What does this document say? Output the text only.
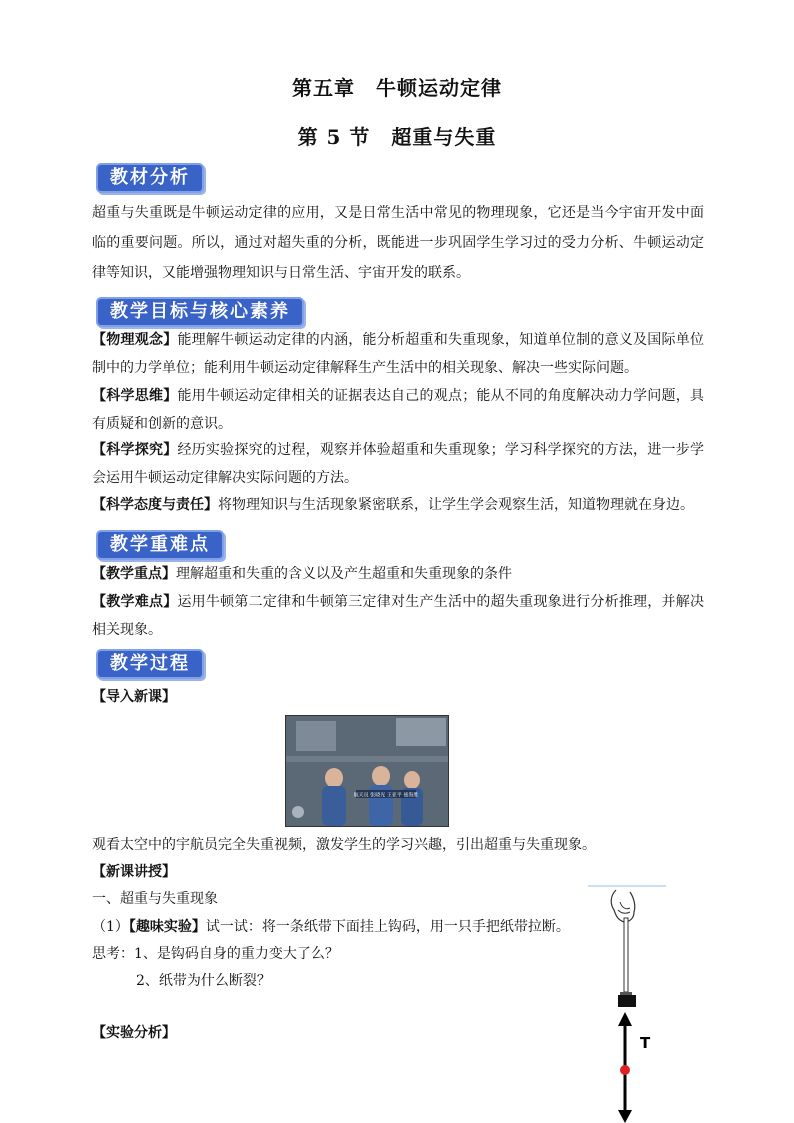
第五章　牛顿运动定律
第 5 节　超重与失重
教材分析
超重与失重既是牛顿运动定律的应用，又是日常生活中常见的物理现象，它还是当今宇宙开发中面临的重要问题。所以，通过对超失重的分析，既能进一步巩固学生学习过的受力分析、牛顿运动定律等知识，又能增强物理知识与日常生活、宇宙开发的联系。
教学目标与核心素养
【物理观念】能理解牛顿运动定律的内涵，能分析超重和失重现象，知道单位制的意义及国际单位制中的力学单位；能利用牛顿运动定律解释生产生活中的相关现象、解决一些实际问题。
【科学思维】能用牛顿运动定律相关的证据表达自己的观点；能从不同的角度解决动力学问题，具有质疑和创新的意识。
【科学探究】经历实验探究的过程，观察并体验超重和失重现象；学习科学探究的方法，进一步学会运用牛顿运动定律解决实际问题的方法。
【科学态度与责任】将物理知识与生活现象紧密联系，让学生学会观察生活，知道物理就在身边。
教学重难点
【教学重点】理解超重和失重的含义以及产生超重和失重现象的条件
【教学难点】运用牛顿第二定律和牛顿第三定律对生产生活中的超失重现象进行分析推理，并解决相关现象。
教学过程
【导入新课】
航天员 张晓光 王亚平 聂海胜
观看太空中的宇航员完全失重视频，激发学生的学习兴趣，引出超重与失重现象。
【新课讲授】
一、超重与失重现象
（1）【趣味实验】试一试：将一条纸带下面挂上钩码，用一只手把纸带拉断。
思考：1、是钩码自身的重力变大了么？
2、纸带为什么断裂？
【实验分析】
T
